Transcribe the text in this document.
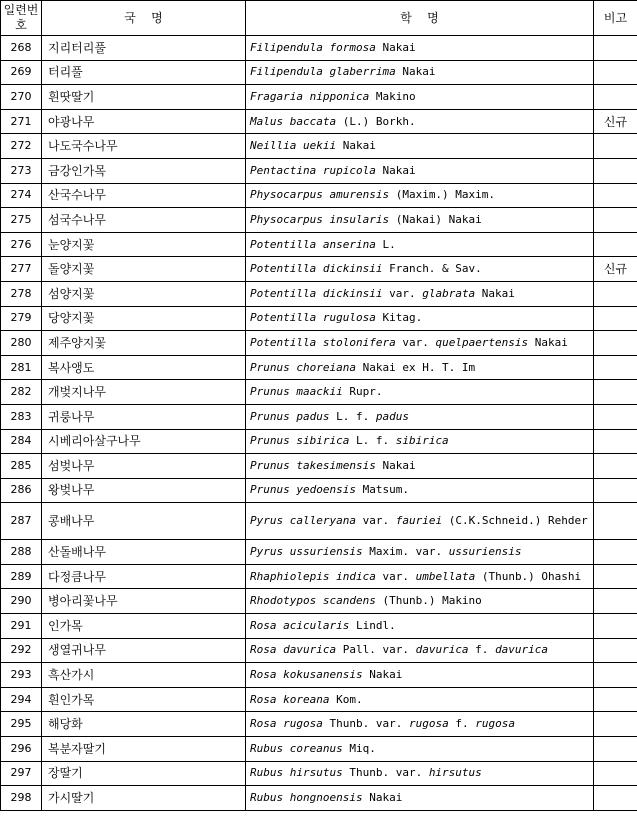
일련번호	국    명	학    명	비고
268	지리터리풀	Filipendula formosa Nakai	
269	터리풀	Filipendula glaberrima Nakai	
270	흰땃딸기	Fragaria nipponica Makino	
271	야광나무	Malus baccata (L.) Borkh.	신규
272	나도국수나무	Neillia uekii Nakai	
273	금강인가목	Pentactina rupicola Nakai	
274	산국수나무	Physocarpus amurensis (Maxim.) Maxim.	
275	섬국수나무	Physocarpus insularis (Nakai) Nakai	
276	눈양지꽃	Potentilla anserina L.	
277	돌양지꽃	Potentilla dickinsii Franch. & Sav.	신규
278	섬양지꽃	Potentilla dickinsii var. glabrata Nakai	
279	당양지꽃	Potentilla rugulosa Kitag.	
280	제주양지꽃	Potentilla stolonifera var. quelpaertensis Nakai	
281	복사앵도	Prunus choreiana Nakai ex H. T. Im	
282	개벚지나무	Prunus maackii Rupr.	
283	귀룽나무	Prunus padus L. f. padus	
284	시베리아살구나무	Prunus sibirica L. f. sibirica	
285	섬벚나무	Prunus takesimensis Nakai	
286	왕벚나무	Prunus yedoensis Matsum.	
287	콩배나무	Pyrus calleryana var. fauriei (C.K.Schneid.) Rehder	
288	산돌배나무	Pyrus ussuriensis Maxim. var. ussuriensis	
289	다정큼나무	Rhaphiolepis indica var. umbellata (Thunb.) Ohashi	
290	병아리꽃나무	Rhodotypos scandens (Thunb.) Makino	
291	인가목	Rosa acicularis Lindl.	
292	생열귀나무	Rosa davurica Pall. var. davurica f. davurica	
293	흑산가시	Rosa kokusanensis Nakai	
294	흰인가목	Rosa koreana Kom.	
295	해당화	Rosa rugosa Thunb. var. rugosa f. rugosa	
296	복분자딸기	Rubus coreanus Miq.	
297	장딸기	Rubus hirsutus Thunb. var. hirsutus	
298	가시딸기	Rubus hongnoensis Nakai	
